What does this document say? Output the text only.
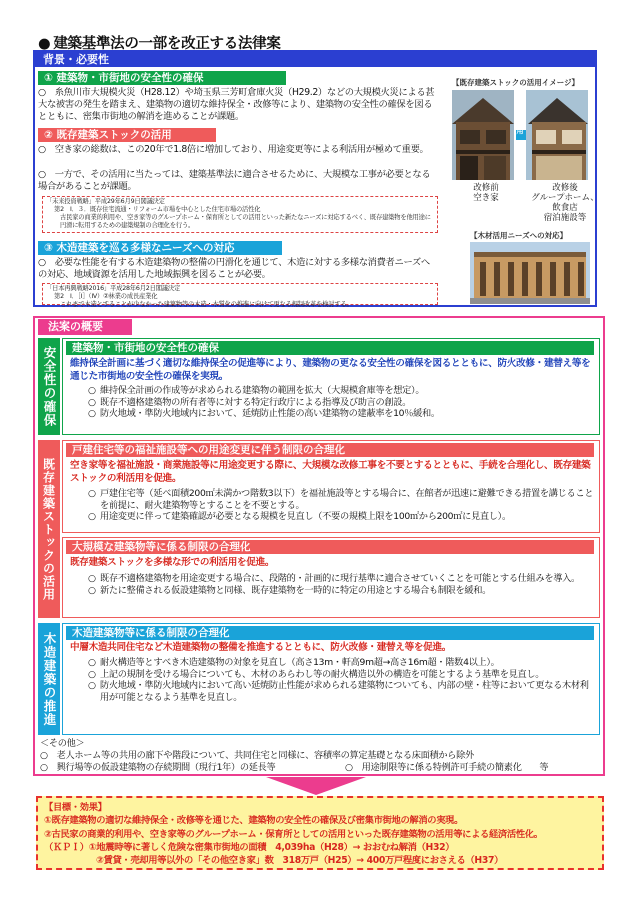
● 建築基準法の一部を改正する法律案
背景・必要性
① 建築物・市街地の安全性の確保
○　糸魚川市大規模火災（H28.12）や埼玉県三芳町倉庫火災（H29.2）などの大規模火災による甚大な被害の発生を踏まえ、建築物の適切な維持保全・改修等により、建築物の安全性の確保を図るとともに、密集市街地の解消を進めることが課題。
② 既存建築ストックの活用
○　空き家の総数は、この20年で1.8倍に増加しており、用途変更等による利活用が極めて重要。
○　一方で、その活用に当たっては、建築基準法に適合させるために、大規模な工事が必要となる場合があることが課題。
「未来投資戦略」平成29年6月9日閣議決定
第2　Ⅰ．３．既存住宅流通・リフォーム市場を中心とした住宅市場の活性化
古民家の商業的利用や、空き家等のグループホーム・保育所としての活用といった新たなニーズに対応するべく、既存建築物を他用途に円滑に転用するための建築規制の合理化を行う。
③ 木造建築を巡る多様なニーズへの対応
○　必要な性能を有する木造建築物の整備の円滑化を通じて、木造に対する多様な消費者ニーズへの対応、地域資源を活用した地域振興を図ることが必要。
「日本再興戦略2016」平成28年6月2日閣議決定
第2　Ⅰ．［Ⅰ］（Ⅳ）②林業の成長産業化
これまで木造とすることが少なかった建築物等の木造・木質化の推進に向けて更なる規制改革を検討する。
【既存建築ストックの活用イメージ】
活用
改修前
空き家
改修後
グループホーム、
飲食店
宿泊施設等
【木材活用ニーズへの対応】
法案の概要
安全性の確保	建築物・市街地の安全性の確保
維持保全計画に基づく適切な維持保全の促進等により、建築物の更なる安全性の確保を図るとともに、防火改修・建替え等を通じた市街地の安全性の確保を実現。
○ 維持保全計画の作成等が求められる建築物の範囲を拡大（大規模倉庫等を想定）。
○ 既存不適格建築物の所有者等に対する特定行政庁による指導及び助言の創設。
○ 防火地域・準防火地域内において、延焼防止性能の高い建築物の建蔽率を10％緩和。
既存建築ストックの活用
戸建住宅等の福祉施設等への用途変更に伴う制限の合理化
空き家等を福祉施設・商業施設等に用途変更する際に、大規模な改修工事を不要とするとともに、手続を合理化し、既存建築ストックの利活用を促進。
○ 戸建住宅等（延べ面積200㎡未満かつ階数3以下）を福祉施設等とする場合に、在館者が迅速に避難できる措置を講じることを前提に、耐火建築物等とすることを不要とする。
○ 用途変更に伴って建築確認が必要となる規模を見直し（不要の規模上限を100㎡から200㎡に見直し）。
大規模な建築物等に係る制限の合理化
既存建築ストックを多様な形での利活用を促進。
○ 既存不適格建築物を用途変更する場合に、段階的・計画的に現行基準に適合させていくことを可能とする仕組みを導入。
○ 新たに整備される仮設建築物と同様、既存建築物を一時的に特定の用途とする場合も制限を緩和。
木造建築の推進	木造建築物等に係る制限の合理化
中層木造共同住宅など木造建築物の整備を推進するとともに、防火改修・建替え等を促進。
○ 耐火構造等とすべき木造建築物の対象を見直し（高さ13m・軒高9m超→高さ16m超・階数4以上）。
○ 上記の規制を受ける場合についても、木材のあらわし等の耐火構造以外の構造を可能とするよう基準を見直し。
○ 防火地域・準防火地域内において高い延焼防止性能が求められる建築物についても、内部の壁・柱等において更なる木材利用が可能となるよう基準を見直し。
＜その他＞
○　老人ホーム等の共用の廊下や階段について、共同住宅と同様に、容積率の算定基礎となる床面積から除外
○　興行場等の仮設建築物の存続期間（現行1年）の延長等	○　用途制限等に係る特例許可手続の簡素化　　等
【目標・効果】
①既存建築物の適切な維持保全・改修等を通じた、建築物の安全性の確保及び密集市街地の解消の実現。
②古民家の商業的利用や、空き家等のグループホーム・保育所としての活用といった既存建築物の活用等による経済活性化。
（ＫＰＩ）①地震時等に著しく危険な密集市街地の面積　4,039ha（H28）→ おおむね解消（H32）
②賃貸・売却用等以外の「その他空き家」数　318万戸（H25）→ 400万戸程度におさえる（H37）
